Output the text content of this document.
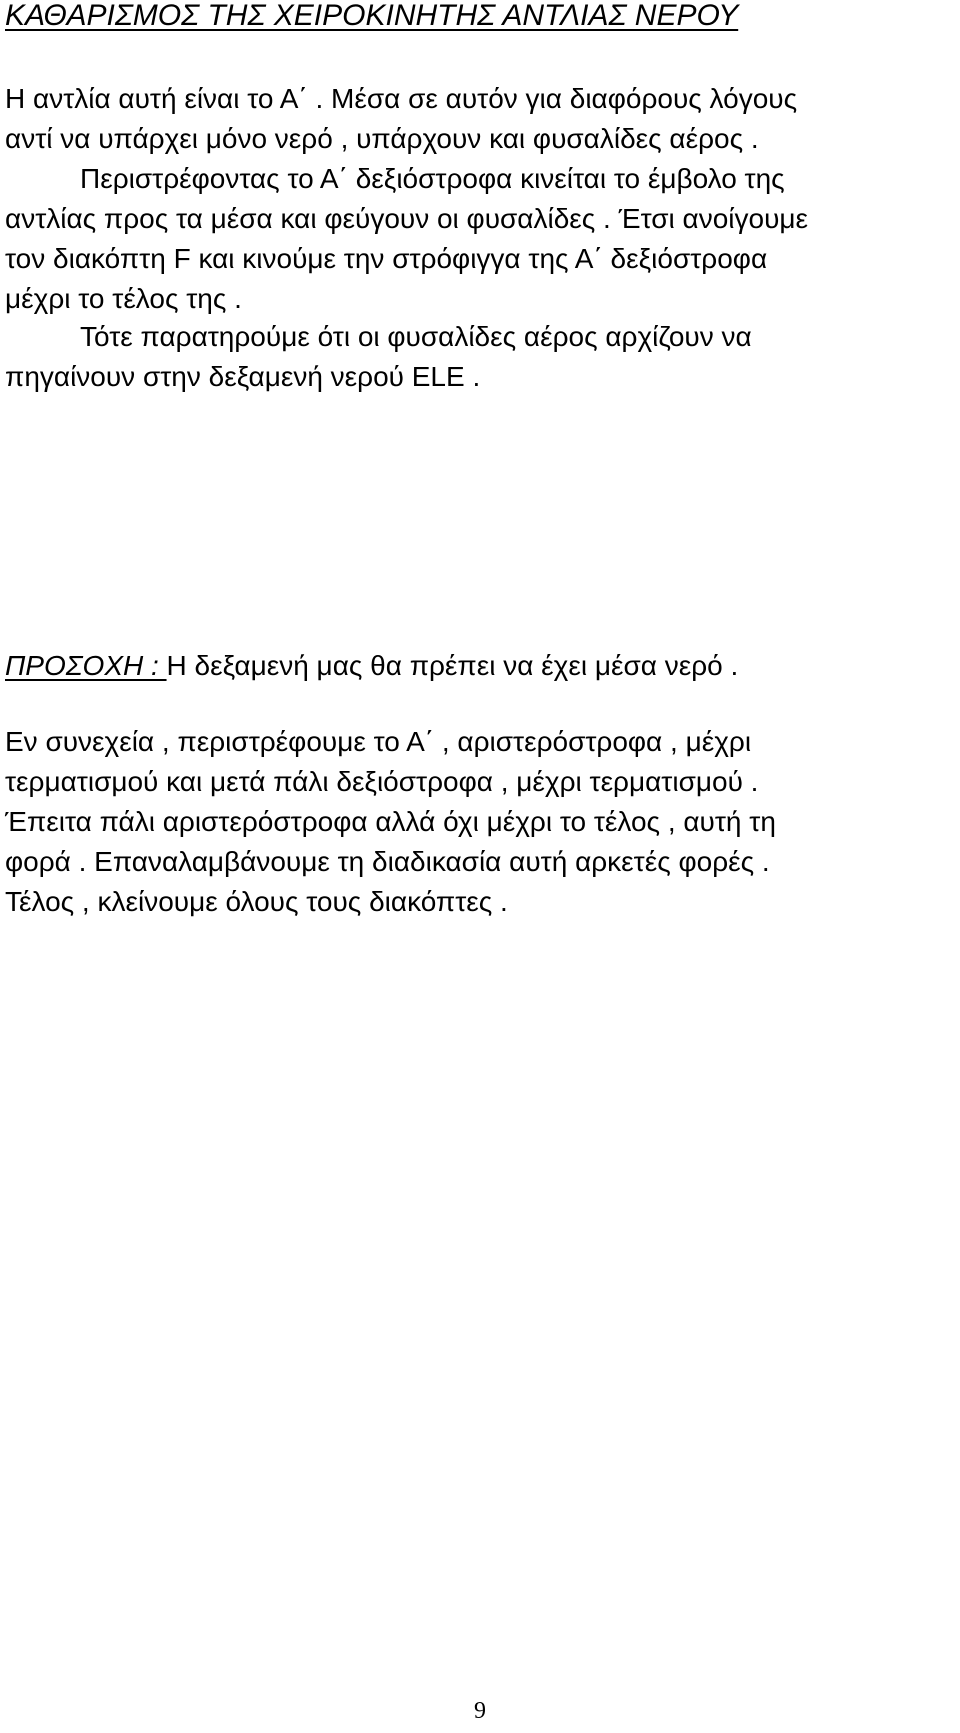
ΚΑΘΑΡΙΣΜΟΣ ΤΗΣ ΧΕΙΡΟΚΙΝΗΤΗΣ ΑΝΤΛΙΑΣ ΝΕΡΟΥ
Η αντλία αυτή είναι το Α΄ . Μέσα σε αυτόν για διαφόρους λόγους
αντί να υπάρχει μόνο νερό , υπάρχουν και φυσαλίδες αέρος .
Περιστρέφοντας το Α΄ δεξιόστροφα κινείται το έμβολο της
αντλίας προς τα μέσα και φεύγουν οι φυσαλίδες . Έτσι ανοίγουμε
τον διακόπτη F και κινούμε την στρόφιγγα της Α΄ δεξιόστροφα
μέχρι το τέλος της .
Τότε παρατηρούμε ότι οι φυσαλίδες αέρος αρχίζουν να
πηγαίνουν στην δεξαμενή νερού ELE .
ΠΡΟΣΟΧΗ : Η δεξαμενή μας θα πρέπει να έχει μέσα νερό .
Εν συνεχεία , περιστρέφουμε το Α΄ , αριστερόστροφα , μέχρι
τερματισμού και μετά πάλι δεξιόστροφα , μέχρι τερματισμού .
Έπειτα πάλι αριστερόστροφα αλλά όχι μέχρι το τέλος , αυτή τη
φορά . Επαναλαμβάνουμε τη διαδικασία αυτή αρκετές φορές .
Τέλος , κλείνουμε όλους τους διακόπτες .
9
